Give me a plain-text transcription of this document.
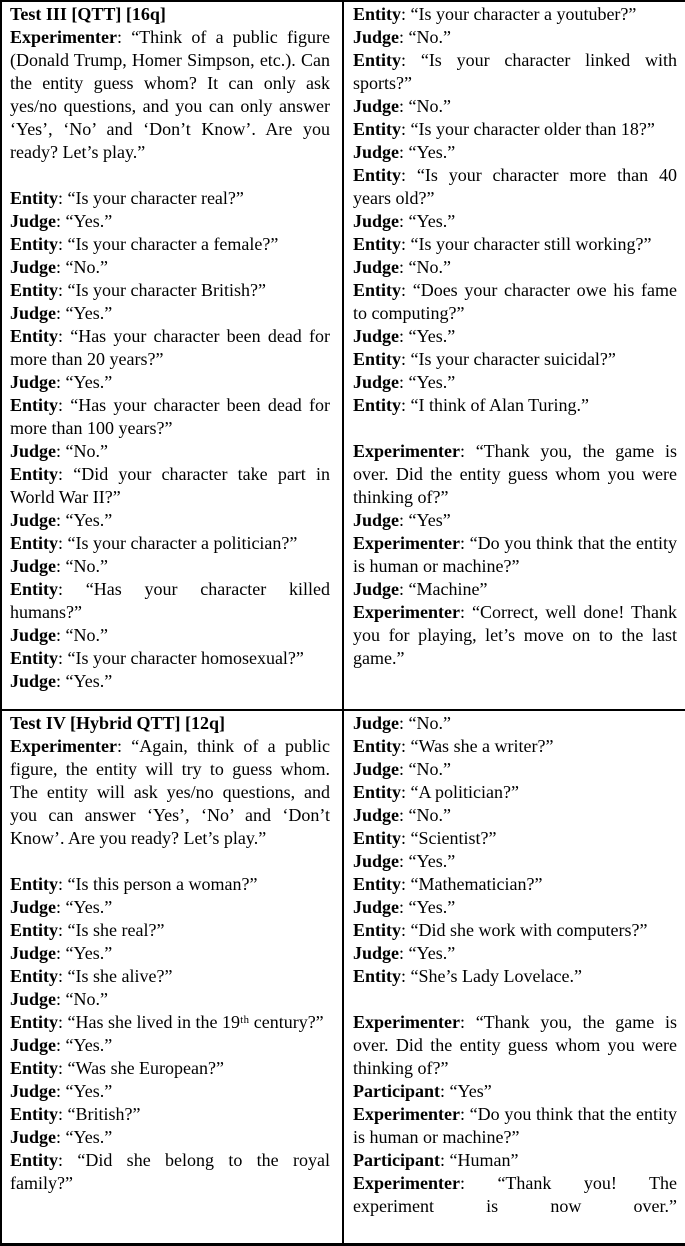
Test III [QTT] [16q]

Experimenter: “Think of a public figure (Donald Trump, Homer Simpson, etc.). Can the entity guess whom? It can only ask yes/no questions, and you can only answer ‘Yes’, ‘No’ and ‘Don’t Know’. Are you ready? Let’s play.”

Entity: “Is your character real?”

Judge: “Yes.”

Entity: “Is your character a female?”

Judge: “No.”

Entity: “Is your character British?”

Judge: “Yes.”

Entity: “Has your character been dead for more than 20 years?”

Judge: “Yes.”

Entity: “Has your character been dead for more than 100 years?”

Judge: “No.”

Entity: “Did your character take part in World War II?”

Judge: “Yes.”

Entity: “Is your character a politician?”

Judge: “No.”

Entity: “Has your character killed humans?”

Judge: “No.”

Entity: “Is your character homosexual?”

Judge: “Yes.”

Entity: “Is your character a youtuber?”

Judge: “No.”

Entity: “Is your character linked with sports?”

Judge: “No.”

Entity: “Is your character older than 18?”

Judge: “Yes.”

Entity: “Is your character more than 40 years old?”

Judge: “Yes.”

Entity: “Is your character still working?”

Judge: “No.”

Entity: “Does your character owe his fame to computing?”

Judge: “Yes.”

Entity: “Is your character suicidal?”

Judge: “Yes.”

Entity: “I think of Alan Turing.”

Experimenter: “Thank you, the game is over. Did the entity guess whom you were thinking of?”

Judge: “Yes”

Experimenter: “Do you think that the entity is human or machine?”

Judge: “Machine”

Experimenter: “Correct, well done! Thank you for playing, let’s move on to the last game.”

Test IV [Hybrid QTT] [12q]

Experimenter: “Again, think of a public figure, the entity will try to guess whom. The entity will ask yes/no questions, and you can answer ‘Yes’, ‘No’ and ‘Don’t Know’. Are you ready? Let’s play.”

Entity: “Is this person a woman?”

Judge: “Yes.”

Entity: “Is she real?”

Judge: “Yes.”

Entity: “Is she alive?”

Judge: “No.”

Entity: “Has she lived in the 19ᵗʰ century?”

Judge: “Yes.”

Entity: “Was she European?”

Judge: “Yes.”

Entity: “British?”

Judge: “Yes.”

Entity: “Did she belong to the royal family?”

Judge: “No.”

Entity: “Was she a writer?”

Judge: “No.”

Entity: “A politician?”

Judge: “No.”

Entity: “Scientist?”

Judge: “Yes.”

Entity: “Mathematician?”

Judge: “Yes.”

Entity: “Did she work with computers?”

Judge: “Yes.”

Entity: “She’s Lady Lovelace.”

Experimenter: “Thank you, the game is over. Did the entity guess whom you were thinking of?”

Participant: “Yes”

Experimenter: “Do you think that the entity is human or machine?”

Participant: “Human”

Experimenter: “Thank you! The experiment is now over.”
